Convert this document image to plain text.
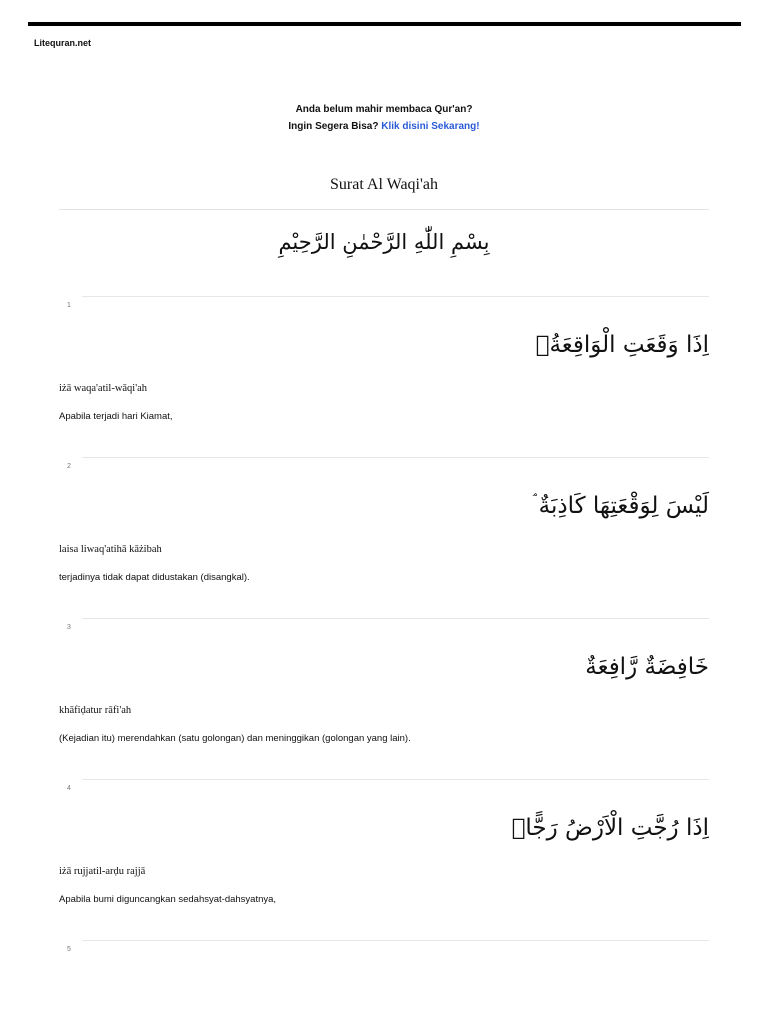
Litequran.net
Anda belum mahir membaca Qur'an?
Ingin Segera Bisa? Klik disini Sekarang!
Surat Al Waqi'ah
بِسْمِ اللّٰهِ الرَّحْمٰنِ الرَّحِيْمِ
1
اِذَا وَقَعَتِ الْوَاقِعَةُۙ
iżā waqa'atil-wāqi'ah
Apabila terjadi hari Kiamat,
2
لَيْسَ لِوَقْعَتِهَا كَاذِبَةٌ ۘ
laisa liwaq'atihā kāżibah
terjadinya tidak dapat didustakan (disangkal).
3
خَافِضَةٌ رَّافِعَةٌ
khāfiḍatur rāfi'ah
(Kejadian itu) merendahkan (satu golongan) dan meninggikan (golongan yang lain).
4
اِذَا رُجَّتِ الْاَرْضُ رَجًّاۙ
iżā rujjatil-arḍu rajjā
Apabila bumi diguncangkan sedahsyat-dahsyatnya,
5
